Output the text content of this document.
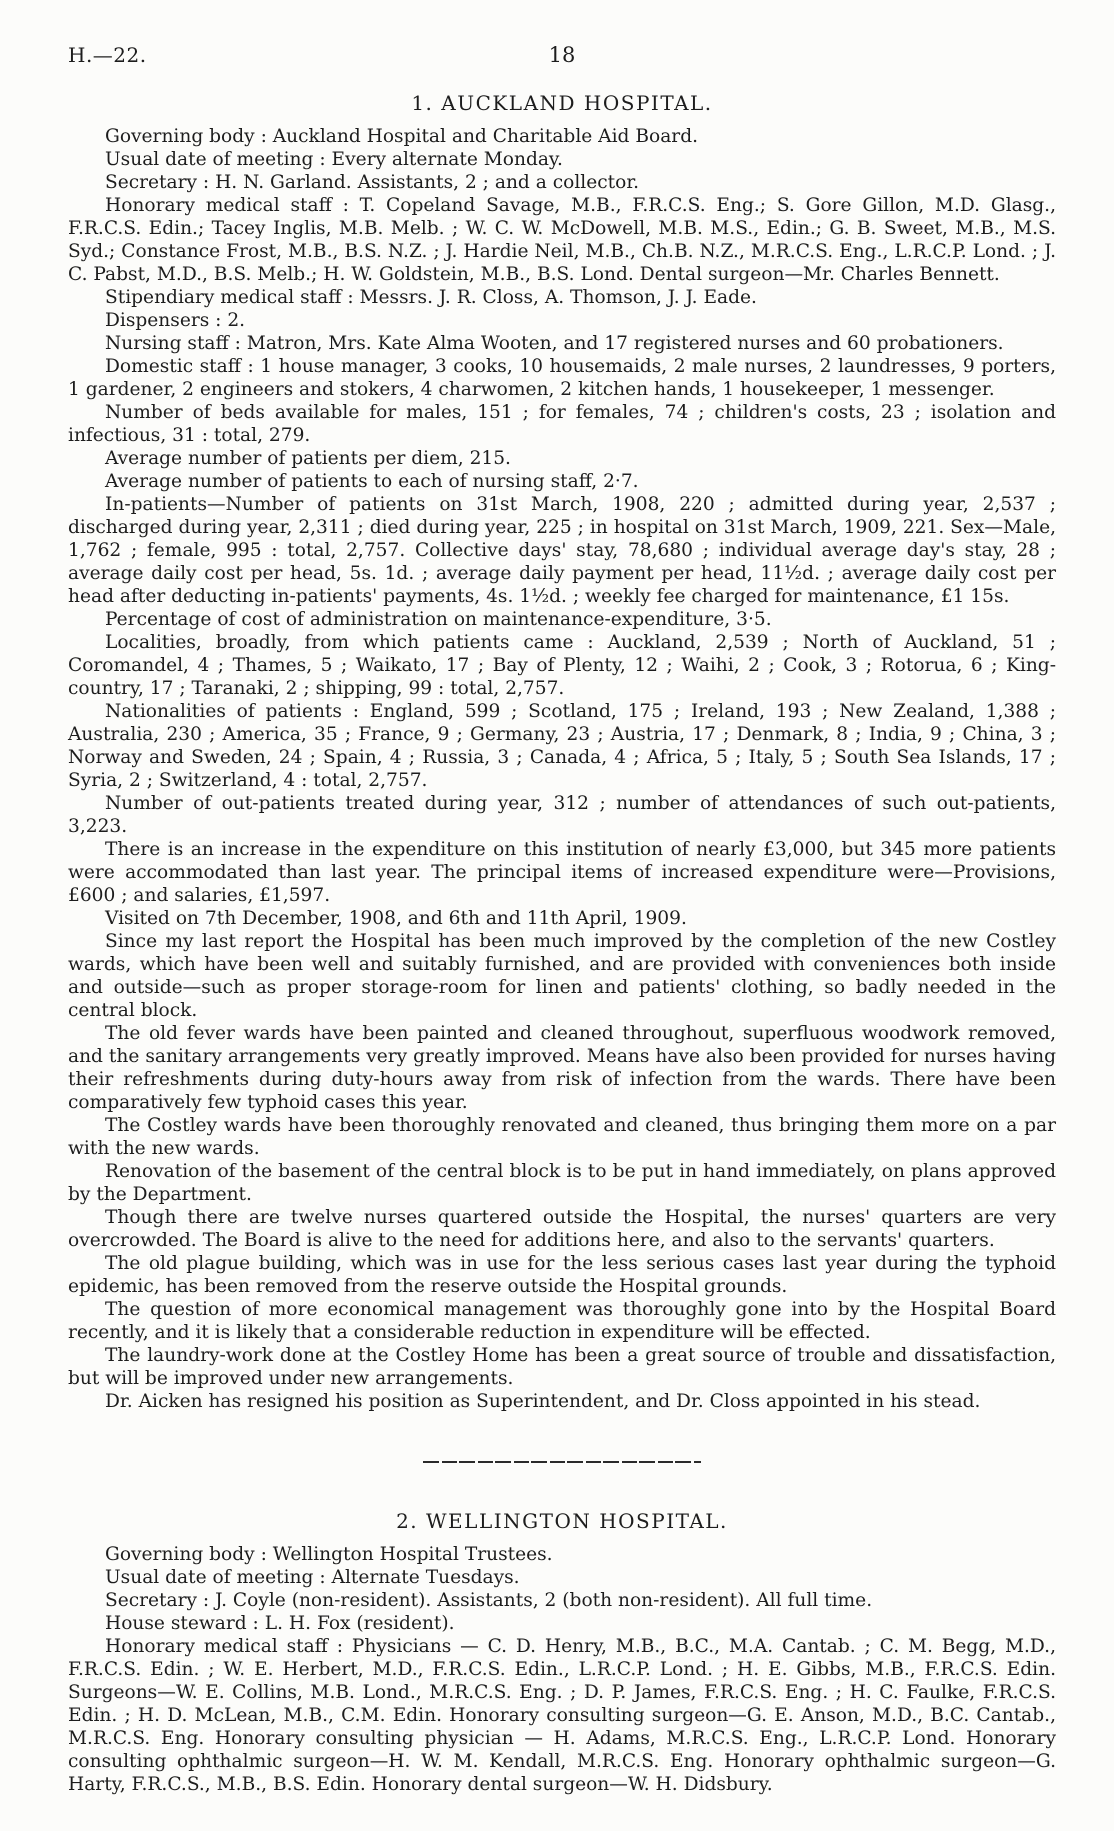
H.—22.	18
1. AUCKLAND HOSPITAL.

Governing body : Auckland Hospital and Charitable Aid Board.

Usual date of meeting : Every alternate Monday.

Secretary : H. N. Garland. Assistants, 2 ; and a collector.

Honorary medical staff : T. Copeland Savage, M.B., F.R.C.S. Eng.; S. Gore Gillon, M.D. Glasg., F.R.C.S. Edin.; Tacey Inglis, M.B. Melb. ; W. C. W. McDowell, M.B. M.S., Edin.; G. B. Sweet, M.B., M.S. Syd.; Constance Frost, M.B., B.S. N.Z. ; J. Hardie Neil, M.B., Ch.B. N.Z., M.R.C.S. Eng., L.R.C.P. Lond. ; J. C. Pabst, M.D., B.S. Melb.; H. W. Goldstein, M.B., B.S. Lond. Dental surgeon—Mr. Charles Bennett.

Stipendiary medical staff : Messrs. J. R. Closs, A. Thomson, J. J. Eade.

Dispensers : 2.

Nursing staff : Matron, Mrs. Kate Alma Wooten, and 17 registered nurses and 60 probationers.

Domestic staff : 1 house manager, 3 cooks, 10 housemaids, 2 male nurses, 2 laundresses, 9 porters, 1 gardener, 2 engineers and stokers, 4 charwomen, 2 kitchen hands, 1 housekeeper, 1 messenger.

Number of beds available for males, 151 ; for females, 74 ; children's costs, 23 ; isolation and infectious, 31 : total, 279.

Average number of patients per diem, 215.

Average number of patients to each of nursing staff, 2·7.

In-patients—Number of patients on 31st March, 1908, 220 ; admitted during year, 2,537 ; discharged during year, 2,311 ; died during year, 225 ; in hospital on 31st March, 1909, 221. Sex—Male, 1,762 ; female, 995 : total, 2,757. Collective days' stay, 78,680 ; individual average day's stay, 28 ; average daily cost per head, 5s. 1d. ; average daily payment per head, 11½d. ; average daily cost per head after deducting in-patients' payments, 4s. 1½d. ; weekly fee charged for maintenance, £1 15s.

Percentage of cost of administration on maintenance-expenditure, 3·5.

Localities, broadly, from which patients came : Auckland, 2,539 ; North of Auckland, 51 ; Coromandel, 4 ; Thames, 5 ; Waikato, 17 ; Bay of Plenty, 12 ; Waihi, 2 ; Cook, 3 ; Rotorua, 6 ; King-country, 17 ; Taranaki, 2 ; shipping, 99 : total, 2,757.

Nationalities of patients : England, 599 ; Scotland, 175 ; Ireland, 193 ; New Zealand, 1,388 ; Australia, 230 ; America, 35 ; France, 9 ; Germany, 23 ; Austria, 17 ; Denmark, 8 ; India, 9 ; China, 3 ; Norway and Sweden, 24 ; Spain, 4 ; Russia, 3 ; Canada, 4 ; Africa, 5 ; Italy, 5 ; South Sea Islands, 17 ; Syria, 2 ; Switzerland, 4 : total, 2,757.

Number of out-patients treated during year, 312 ; number of attendances of such out-patients, 3,223.

There is an increase in the expenditure on this institution of nearly £3,000, but 345 more patients were accommodated than last year. The principal items of increased expenditure were—Provisions, £600 ; and salaries, £1,597.

Visited on 7th December, 1908, and 6th and 11th April, 1909.

Since my last report the Hospital has been much improved by the completion of the new Costley wards, which have been well and suitably furnished, and are provided with conveniences both inside and outside—such as proper storage-room for linen and patients' clothing, so badly needed in the central block.

The old fever wards have been painted and cleaned throughout, superfluous woodwork removed, and the sanitary arrangements very greatly improved. Means have also been provided for nurses having their refreshments during duty-hours away from risk of infection from the wards. There have been comparatively few typhoid cases this year.

The Costley wards have been thoroughly renovated and cleaned, thus bringing them more on a par with the new wards.

Renovation of the basement of the central block is to be put in hand immediately, on plans approved by the Department.

Though there are twelve nurses quartered outside the Hospital, the nurses' quarters are very overcrowded. The Board is alive to the need for additions here, and also to the servants' quarters.

The old plague building, which was in use for the less serious cases last year during the typhoid epidemic, has been removed from the reserve outside the Hospital grounds.

The question of more economical management was thoroughly gone into by the Hospital Board recently, and it is likely that a considerable reduction in expenditure will be effected.

The laundry-work done at the Costley Home has been a great source of trouble and dissatisfaction, but will be improved under new arrangements.

Dr. Aicken has resigned his position as Superintendent, and Dr. Closs appointed in his stead.

2. WELLINGTON HOSPITAL.

Governing body : Wellington Hospital Trustees.

Usual date of meeting : Alternate Tuesdays.

Secretary : J. Coyle (non-resident). Assistants, 2 (both non-resident). All full time.

House steward : L. H. Fox (resident).

Honorary medical staff : Physicians — C. D. Henry, M.B., B.C., M.A. Cantab. ; C. M. Begg, M.D., F.R.C.S. Edin. ; W. E. Herbert, M.D., F.R.C.S. Edin., L.R.C.P. Lond. ; H. E. Gibbs, M.B., F.R.C.S. Edin. Surgeons—W. E. Collins, M.B. Lond., M.R.C.S. Eng. ; D. P. James, F.R.C.S. Eng. ; H. C. Faulke, F.R.C.S. Edin. ; H. D. McLean, M.B., C.M. Edin. Honorary consulting surgeon—G. E. Anson, M.D., B.C. Cantab., M.R.C.S. Eng. Honorary consulting physician — H. Adams, M.R.C.S. Eng., L.R.C.P. Lond. Honorary consulting ophthalmic surgeon—H. W. M. Kendall, M.R.C.S. Eng. Honorary ophthalmic surgeon—G. Harty, F.R.C.S., M.B., B.S. Edin. Honorary dental surgeon—W. H. Didsbury.
